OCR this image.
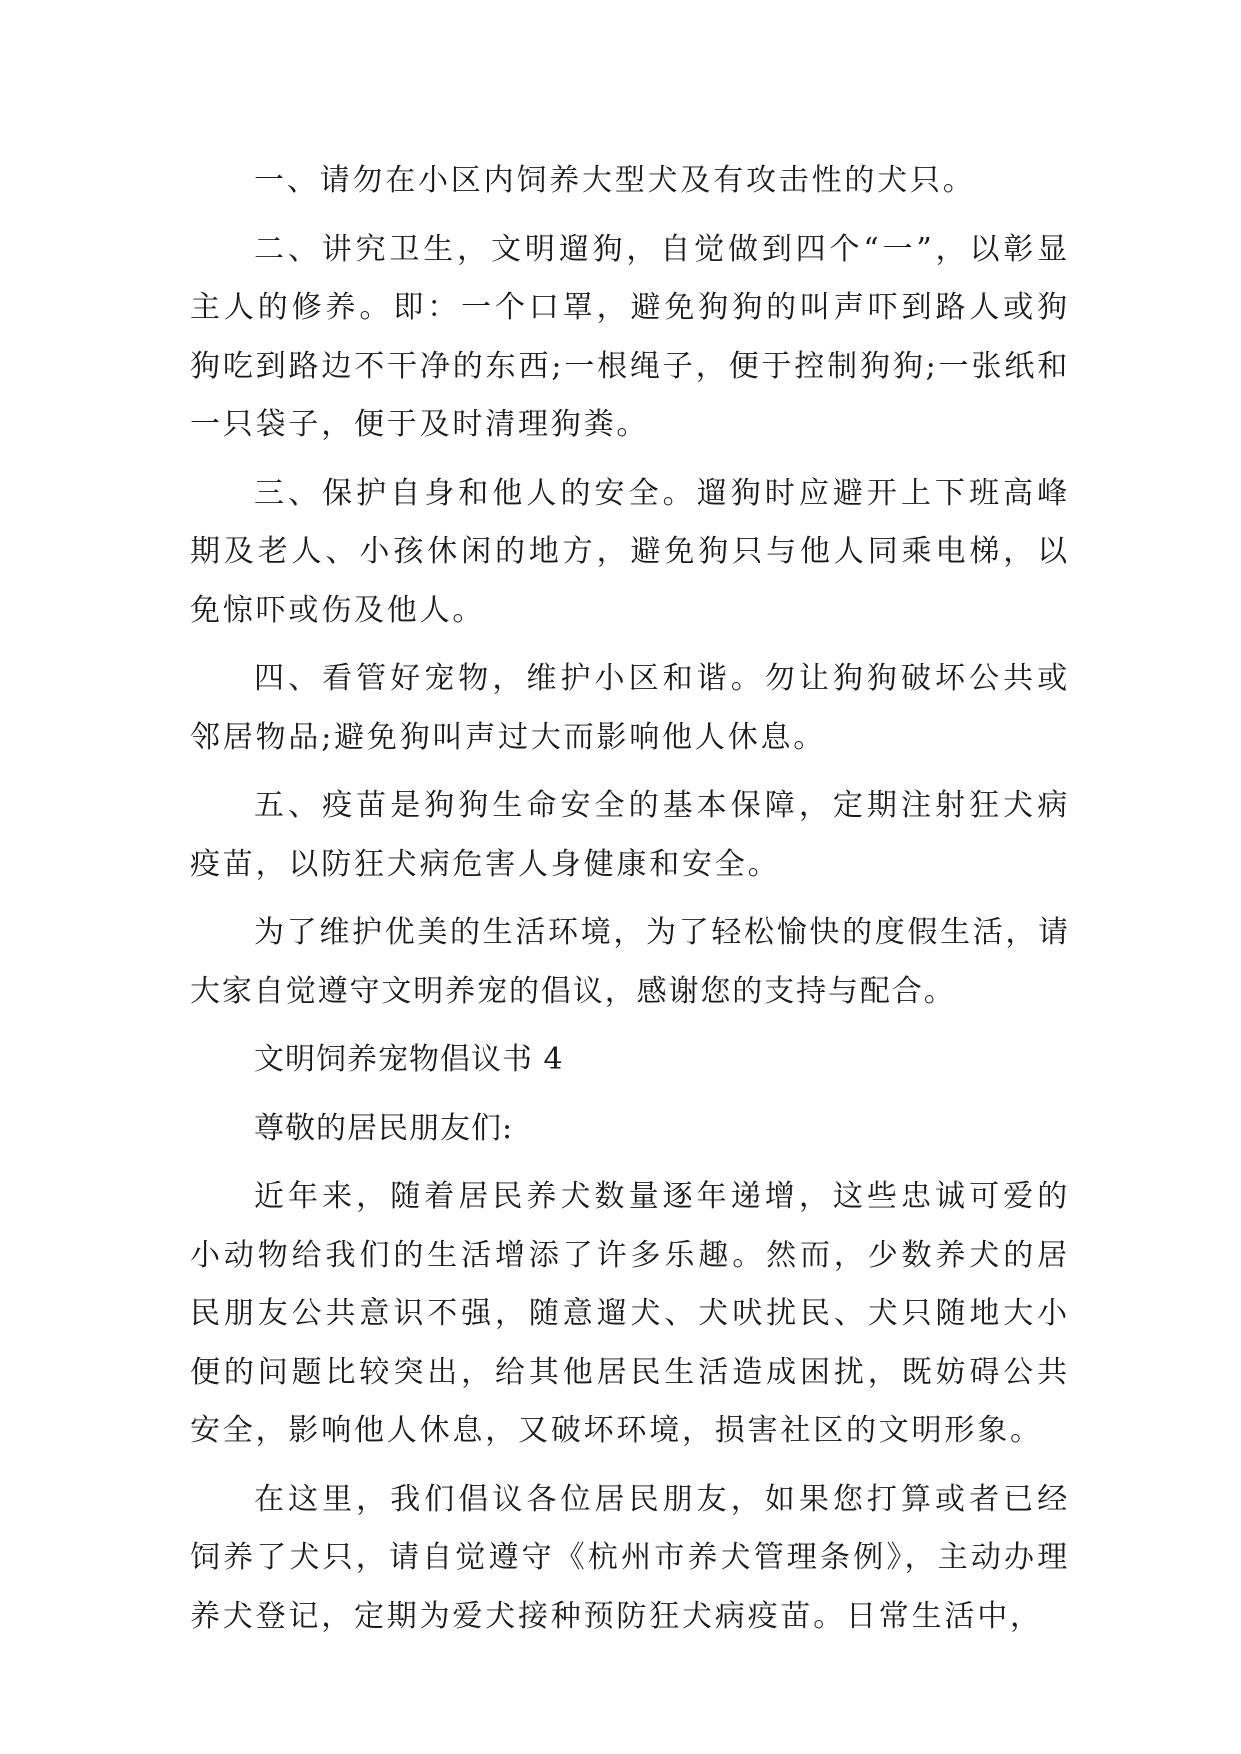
一、请勿在小区内饲养大型犬及有攻击性的犬只。

二、讲究卫生，文明遛狗，自觉做到四个“一”，以彰显主人的修养。即：一个口罩，避免狗狗的叫声吓到路人或狗狗吃到路边不干净的东西;一根绳子，便于控制狗狗;一张纸和一只袋子，便于及时清理狗粪。

三、保护自身和他人的安全。遛狗时应避开上下班高峰期及老人、小孩休闲的地方，避免狗只与他人同乘电梯，以免惊吓或伤及他人。

四、看管好宠物，维护小区和谐。勿让狗狗破坏公共或邻居物品;避免狗叫声过大而影响他人休息。

五、疫苗是狗狗生命安全的基本保障，定期注射狂犬病疫苗，以防狂犬病危害人身健康和安全。

为了维护优美的生活环境，为了轻松愉快的度假生活，请大家自觉遵守文明养宠的倡议，感谢您的支持与配合。

文明饲养宠物倡议书 4

尊敬的居民朋友们:

近年来，随着居民养犬数量逐年递增，这些忠诚可爱的小动物给我们的生活增添了许多乐趣。然而，少数养犬的居民朋友公共意识不强，随意遛犬、犬吠扰民、犬只随地大小便的问题比较突出，给其他居民生活造成困扰，既妨碍公共安全，影响他人休息，又破坏环境，损害社区的文明形象。

在这里，我们倡议各位居民朋友，如果您打算或者已经饲养了犬只，请自觉遵守《杭州市养犬管理条例》，主动办理养犬登记，定期为爱犬接种预防狂犬病疫苗。日常生活中，
